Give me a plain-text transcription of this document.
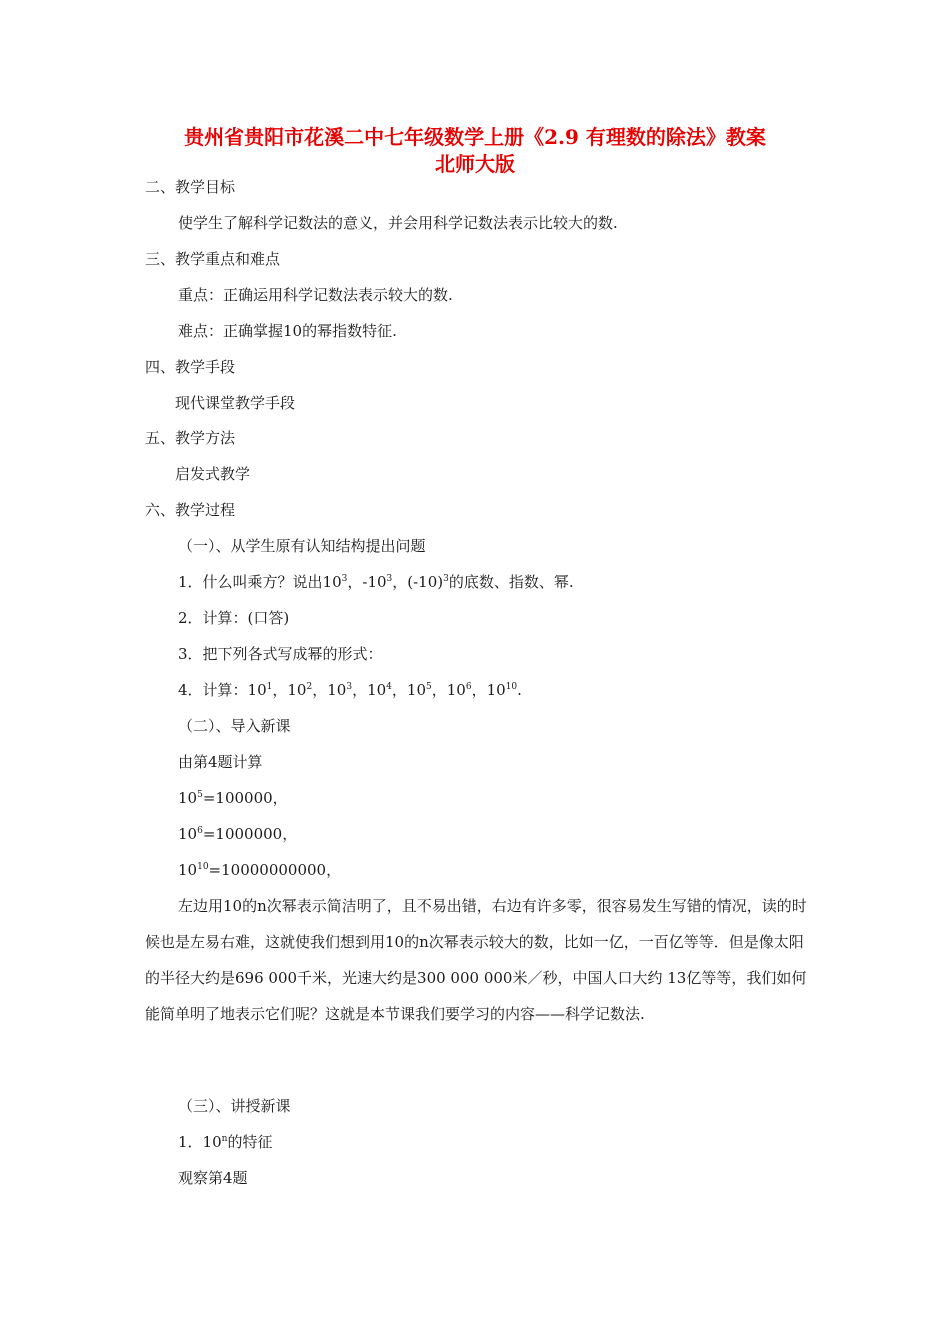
贵州省贵阳市花溪二中七年级数学上册《2.9 有理数的除法》教案
北师大版
二、教学目标
使学生了解科学记数法的意义，并会用科学记数法表示比较大的数.
三、教学重点和难点
重点：正确运用科学记数法表示较大的数.
难点：正确掌握10的幂指数特征.
四、教学手段
现代课堂教学手段
五、教学方法
启发式教学
六、教学过程
（一）、从学生原有认知结构提出问题
1．什么叫乘方？说出$10^3$，$-10^3$，$(-10)^3$的底数、指数、幂.
2．计算：(口答)
3．把下列各式写成幂的形式：
4．计算：$10^1$，$10^2$，$10^3$，$10^4$，$10^5$，$10^6$，$10^{10}$.
（二）、导入新课
由第4题计算
$10^5=100000$，
$10^6=1000000$，
$10^{10}=10000000000$，
左边用10的n次幂表示简洁明了，且不易出错，右边有许多零，很容易发生写错的情况，读的时候也是左易右难，这就使我们想到用10的n次幂表示较大的数，比如一亿，一百亿等等．但是像太阳的半径大约是696 000千米，光速大约是300 000 000米／秒，中国人口大约 13亿等等，我们如何能简单明了地表示它们呢？这就是本节课我们要学习的内容——科学记数法.
（三）、讲授新课
1．10$^n$的特征
观察第4题
